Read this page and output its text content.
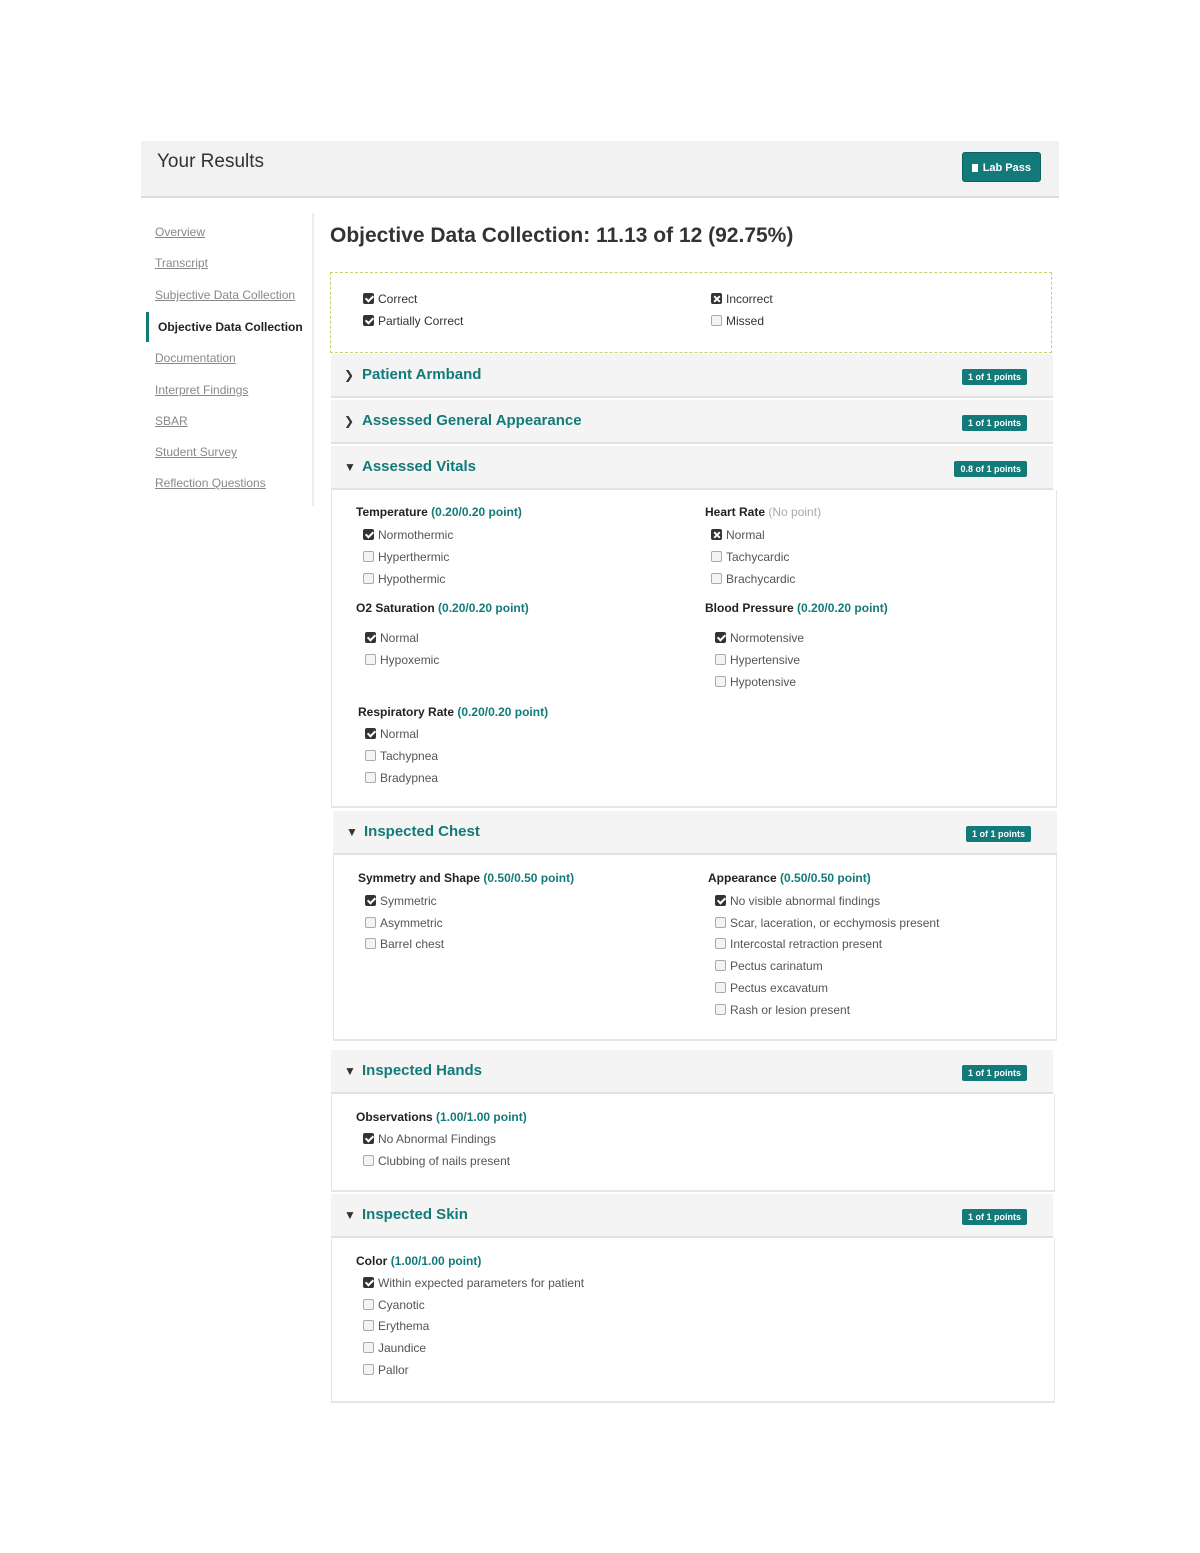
Your Results	Lab Pass
Overview
Transcript
Subjective Data Collection
Objective Data Collection
Documentation
Interpret Findings
SBAR
Student Survey
Reflection Questions
Objective Data Collection: 11.13 of 12 (92.75%)
Correct
Partially Correct
Incorrect
Missed
❯ Patient Armband	1 of 1 points
❯ Assessed General Appearance	1 of 1 points
▼ Assessed Vitals	0.8 of 1 points
Temperature (0.20/0.20 point)
Normothermic
Hyperthermic
Hypothermic
Heart Rate (No point)
Normal
Tachycardic
Brachycardic
O2 Saturation (0.20/0.20 point)
Normal
Hypoxemic
Blood Pressure (0.20/0.20 point)
Normotensive
Hypertensive
Hypotensive
Respiratory Rate (0.20/0.20 point)
Normal
Tachypnea
Bradypnea
▼ Inspected Chest	1 of 1 points
Symmetry and Shape (0.50/0.50 point)
Symmetric
Asymmetric
Barrel chest
Appearance (0.50/0.50 point)
No visible abnormal findings
Scar, laceration, or ecchymosis present
Intercostal retraction present
Pectus carinatum
Pectus excavatum
Rash or lesion present
▼ Inspected Hands	1 of 1 points
Observations (1.00/1.00 point)
No Abnormal Findings
Clubbing of nails present
▼ Inspected Skin	1 of 1 points
Color (1.00/1.00 point)
Within expected parameters for patient
Cyanotic
Erythema
Jaundice
Pallor
